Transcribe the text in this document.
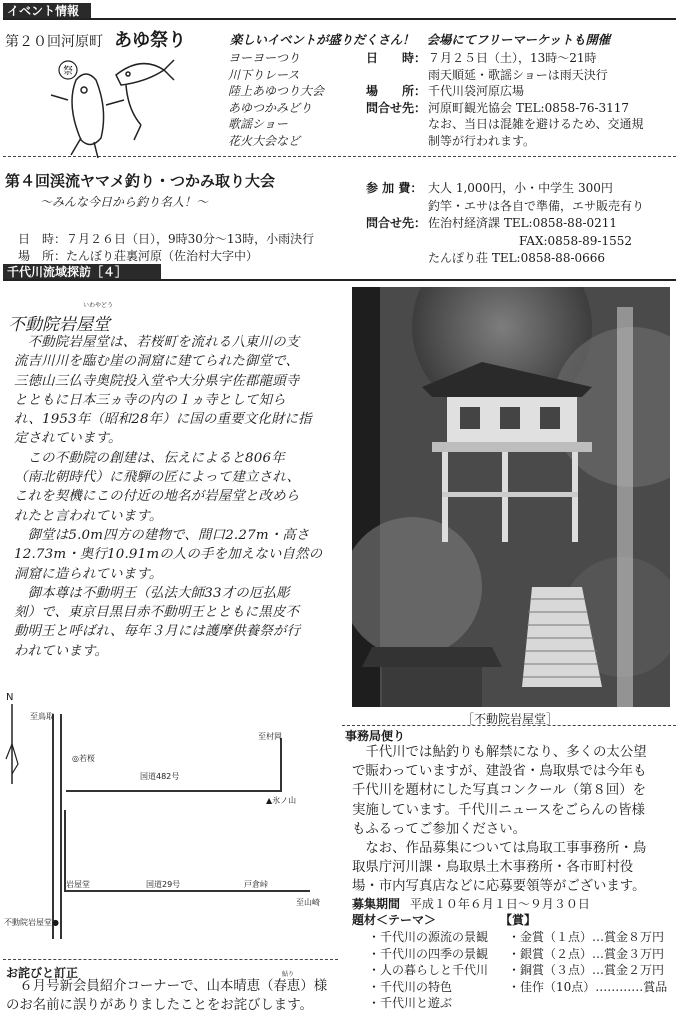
イベント情報
第２０回河原町 あゆ祭り	楽しいイベントが盛りだくさん！　会場にてフリーマーケットも開催
祭
ヨーヨーつり
川下りレース
陸上あゆつり大会
あゆつかみどり
歌謡ショー
花火大会など
日　　時： ７月２５日（土），13時〜21時
雨天順延・歌謡ショーは雨天決行
場　　所： 千代川袋河原広場
問合せ先： 河原町観光協会 TEL:0858-76-3117
なお、当日は混雑を避けるため、交通規
制等が行われます。
第４回渓流ヤマメ釣り・つかみ取り大会
〜みんな今日から釣り名人！〜
日　時：７月２６日（日），9時30分〜13時，小雨決行
場　所：たんぼり荘裏河原（佐治村大字中）
参 加 費： 大人 1,000円，小・中学生 300円
釣竿・エサは各自で準備，エサ販売有り
問合せ先： 佐治村経済課 TEL:0858-88-0211
FAX:0858-89-1552
たんぽり荘 TEL:0858-88-0666
千代川流域探訪［４］
いわやどう
不動院岩屋堂
　不動院岩屋堂は、若桜町を流れる八東川の支
流吉川川を臨む崖の洞窟に建てられた御堂で、
三徳山三仏寺奥院投入堂や大分県宇佐郡龍頭寺
とともに日本三ヵ寺の内の１ヵ寺として知ら
れ、1953年（昭和28年）に国の重要文化財に指
定されています。
　この不動院の創建は、伝えによると806年
（南北朝時代）に飛騨の匠によって建立され、
これを契機にこの付近の地名が岩屋堂と改めら
れたと言われています。
　御堂は5.0m四方の建物で、間口2.27m・高さ
12.73m・奥行10.91mの人の手を加えない自然の
洞窟に造られています。
　御本尊は不動明王（弘法大師33才の厄払彫
刻）で、東京目黒目赤不動明王とともに黒皮不
動明王と呼ばれ、毎年３月には護摩供養祭が行
われています。
［不動院岩屋堂］
N
至鳥取
◎若桜
国道482号
至村岡
▲氷ノ山
岩屋堂	国道29号	戸倉峠
至山崎
不動院岩屋堂●
お詫びと訂正	鮎り
　６月号新会員紹介コーナーで、山本晴恵（春恵）様
のお名前に誤りがありましたことをお詫びします。
事務局便り
　千代川では鮎釣りも解禁になり、多くの太公望
で賑わっていますが、建設省・鳥取県では今年も
千代川を題材にした写真コンクール（第８回）を
実施しています。千代川ニュースをごらんの皆様
もふるってご参加ください。
　なお、作品募集については鳥取工事事務所・鳥
取県庁河川課・鳥取県土木事務所・各市町村役
場・市内写真店などに応募要領等がございます。
募集期間 平成１０年６月１日〜９月３０日
題材＜テーマ＞	【賞】
・千代川の源流の景観
・千代川の四季の景観
・人の暮らしと千代川
・千代川の特色
・千代川と遊ぶ
・金賞（１点）…賞金８万円
・銀賞（２点）…賞金３万円
・銅賞（３点）…賞金２万円
・佳作（10点）…………賞品
